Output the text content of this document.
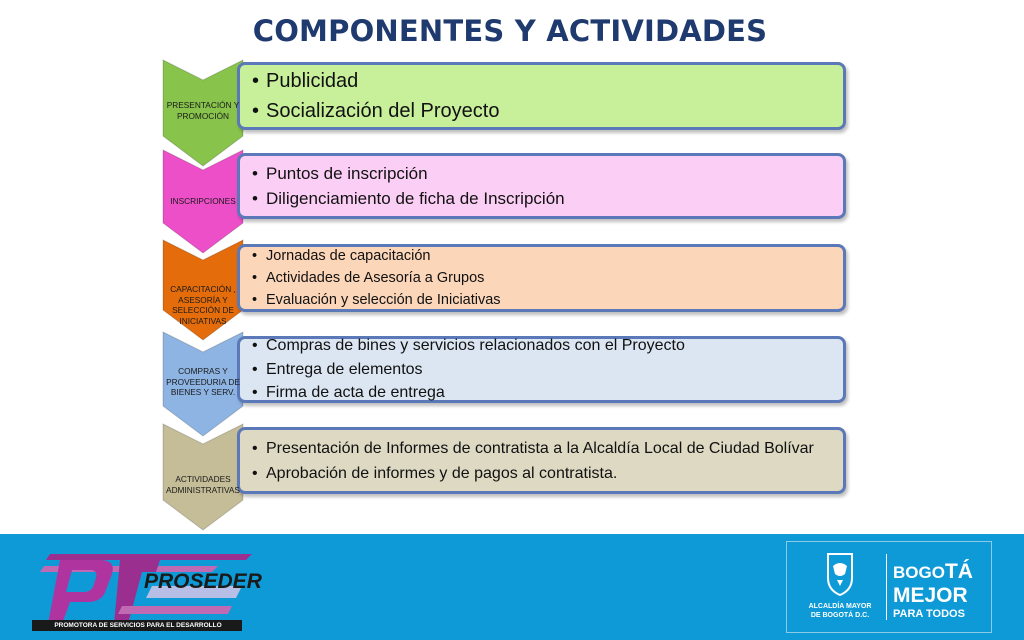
COMPONENTES Y ACTIVIDADES
PRESENTACIÓN Y PROMOCIÓN
• Publicidad
• Socialización del Proyecto
INSCRIPCIONES
• Puntos de inscripción
• Diligenciamiento de ficha de Inscripción
CAPACITACIÓN , ASESORÍA Y SELECCIÓN DE INICIATIVAS
• Jornadas de capacitación
• Actividades de Asesoría a Grupos
• Evaluación y selección de Iniciativas
COMPRAS Y PROVEEDURIA DE BIENES Y SERV.
• Compras de bines y servicios relacionados con el Proyecto
• Entrega de elementos
• Firma de acta de entrega
ACTIVIDADES ADMINISTRATIVAS
• Presentación de Informes de contratista a la Alcaldía Local de Ciudad Bolívar
• Aprobación de informes y de pagos al contratista.
PROSEDER
PROMOTORA DE SERVICIOS PARA EL DESARROLLO
ALCALDÍA MAYOR
DE BOGOTÁ D.C.
BOGOTÁ
MEJOR
PARA TODOS
